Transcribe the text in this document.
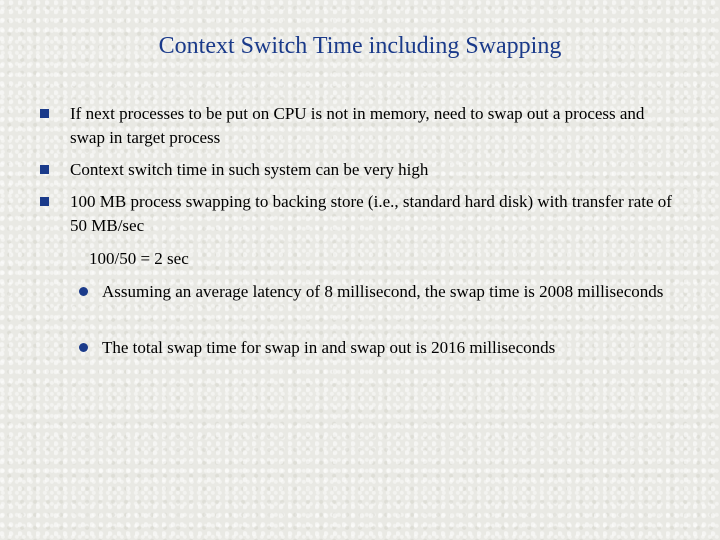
Context Switch Time including Swapping
If next processes to be put on CPU is not in memory, need to swap out a process and swap in target process
Context switch time in such system can be very high
100 MB process swapping to backing store (i.e., standard hard disk) with transfer rate of 50 MB/sec
100/50 = 2 sec
Assuming an average latency of 8 millisecond, the swap time is 2008 milliseconds
The total swap time for swap in and swap out is 2016 milliseconds
